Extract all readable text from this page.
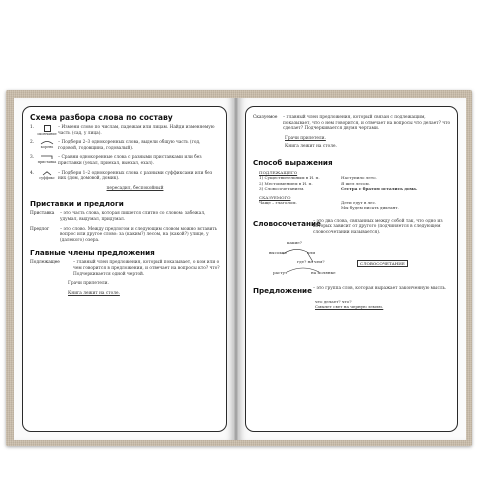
Схема разбора слова по составу
1.
окончание
– Измени слово по числам, падежам или лицам. Найди изменяемую часть (сад, у лица).
2.
корень
– Подбери 2–3 однокоренных слова, выдели общую часть (год, годовой, годовщина, годовалый).
3.
приставка
– Сравни однокоренные слова с разными приставками или без приставки (уехал, приехал, выехал, ехал).
4.
суффикс
– Подбери 1–2 однокоренных слова с разными суффиксами или без них (дом, домовой, домик).
пересадил, беспокойный
Приставки и предлоги
Приставка	– это часть слова, которая пишется слитно со словом: забежал, удумал, выдумал, придумал.
Предлог	– это слово. Между предлогом и следующим словом можно вставить вопрос или другое слово: за (каким?) лесом, на (какой?) улице, у (далекого) озера.
Главные члены предложения
Подлежащее	– главный член предложения, который показывает, о ком или о чем говорится в предложении, и отвечает на вопросы кто? что? Подчеркивается одной чертой.
Грачи прилетели.
Книга лежит на столе.
Сказуемое	– главный член предложения, который связан с подлежащим, показывает, что о нем говорится, и отвечает на вопросы что делает? что сделает? Подчеркивается двумя чертами.
Грачи прилетели.
Книга лежит на столе.
Способ выражения
ПОДЛЕЖАЩЕГО
1) Существительным в И. п.	Наступило лето.
2) Местоимением в И. п.	Я шел лесом.
3) Словосочетанием.	Сестра с братом остались дома.
СКАЗУЕМОГО
Чаще – глаголом.	Дети едут в лес.
Мы будем писать диктант.
Словосочетание
– это два слова, связанных между собой так, что одно из которых зависит от другого (подчиняется в следующем словосочетании называется).
какие?
высокие	или
где? на чем?
растут	на полянке
СЛОВОСОЧЕТАНИЕ
Предложение – это группа слов, которая выражает законченную мысль.
что делает? что?
Смылет свет на черную землю.
